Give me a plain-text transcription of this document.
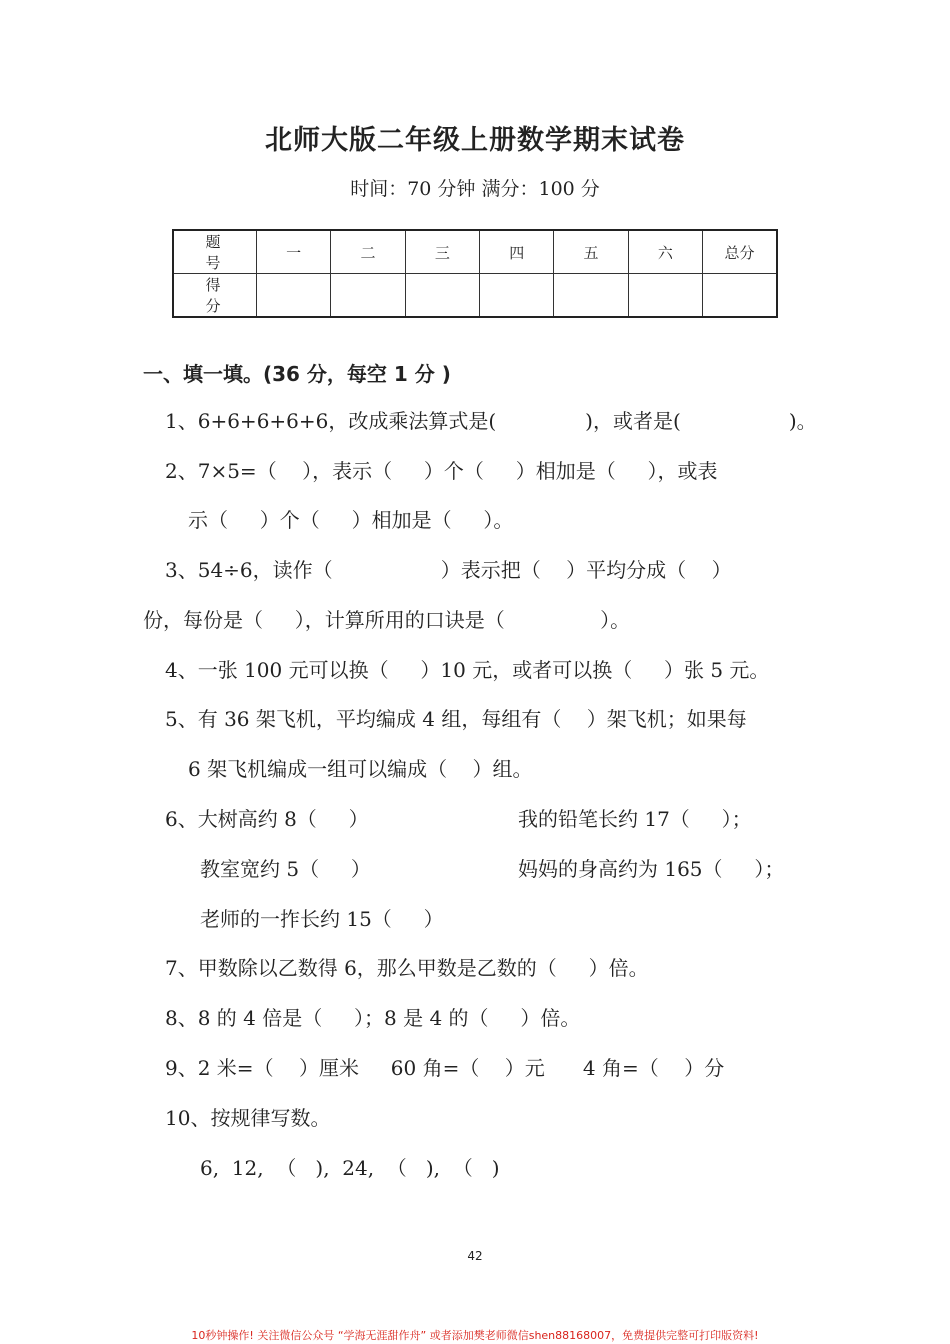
北师大版二年级上册数学期末试卷
时间：70 分钟 满分：100 分
题 号	一	二	三	四	五	六	总分
得 分							
一、填一填。(36 分，每空 1 分 )
1、6+6+6+6+6，改成乘法算式是(              )，或者是(                 )。
2、7×5=（    ），表示（     ）个（     ）相加是（     ），或表
示（     ）个（     ）相加是（     ）。
3、54÷6，读作（                 ）表示把（    ）平均分成（    ）
份，每份是（     ），计算所用的口诀是（               ）。
4、一张 100 元可以换（     ）10 元，或者可以换（     ）张 5 元。
5、有 36 架飞机，平均编成 4 组，每组有（    ）架飞机；如果每
6 架飞机编成一组可以编成（    ）组。
6、大树高约 8（     ）	我的铅笔长约 17（     ）；
教室宽约 5（     ）	妈妈的身高约为 165（     ）；
老师的一拃长约 15（     ）
7、甲数除以乙数得 6，那么甲数是乙数的（     ）倍。
8、8 的 4 倍是（     ）；8 是 4 的（     ）倍。
9、2 米=（    ）厘米     60 角=（    ）元      4 角=（    ）分
10、按规律写数。
6,  12,  （   ),  24,  （   ),  （   )
42
10秒钟操作! 关注微信公众号 “学海无涯甜作舟” 或者添加樊老师微信shen88168007，免费提供完整可打印版资料!
